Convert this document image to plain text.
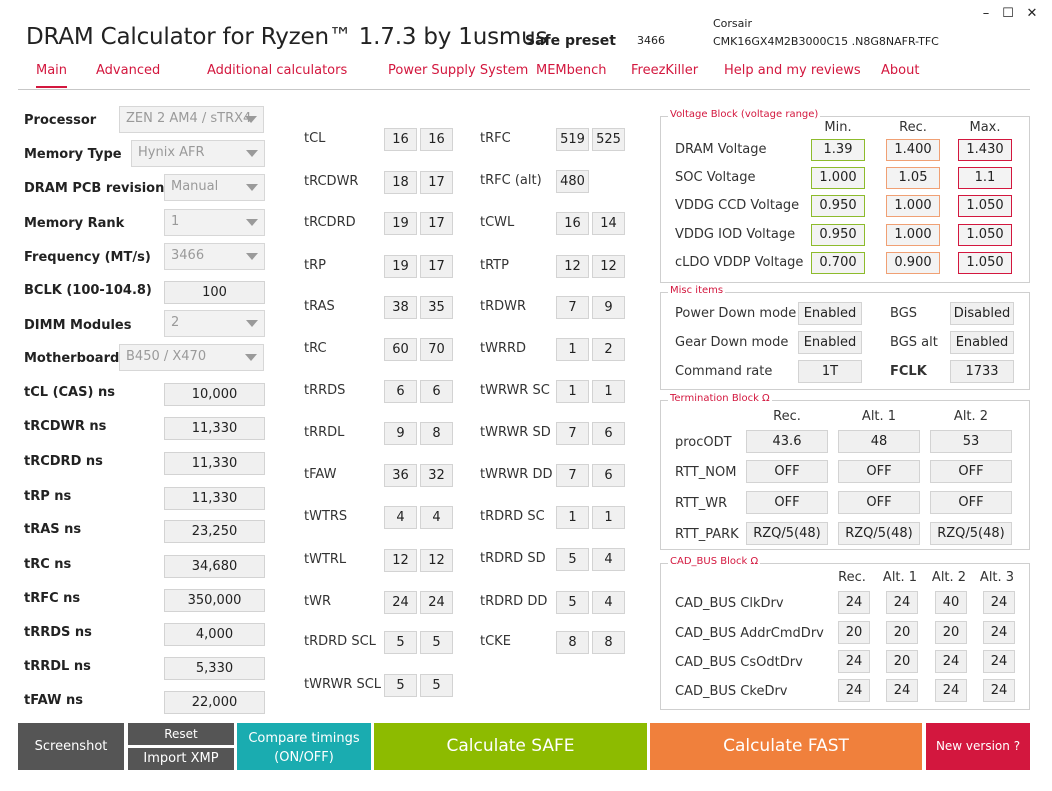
DRAM Calculator for Ryzen™ 1.7.3 by 1usmus
Safe preset 3466
Corsair
CMK16GX4M2B3000C15 .N8G8NAFR-TFC
– ☐ ✕
Main Advanced	Additional calculators	Power Supply System MEMbench FreezKiller Help and my reviews About
Processor	ZEN 2 AM4 / sTRX4
Memory Type	Hynix AFR
DRAM PCB revision Manual
Memory Rank	1
Frequency (MT/s)	3466
BCLK (100-104.8)	100
DIMM Modules	2
Motherboard B450 / X470
tCL (CAS) ns	10,000
tRCDWR ns	11,330
tRCDRD ns	11,330
tRP ns	11,330
tRAS ns	23,250
tRC ns	34,680
tRFC ns	350,000
tRRDS ns	4,000
tRRDL ns	5,330
tFAW ns	22,000
tCL	16	16
tRCDWR	18	17
tRCDRD	19	17
tRP	19	17
tRAS	38	35
tRC	60	70
tRRDS	6	6
tRRDL	9	8
tFAW	36	32
tWTRS	4	4
tWTRL	12	12
tWR	24	24
tRDRD SCL	5	5
tWRWR SCL	5	5
tRFC	519 525
tRFC (alt)	480
tCWL	16	14
tRTP	12	12
tRDWR	7	9
tWRRD	1	2
tWRWR SC	1	1
tWRWR SD	7	6
tWRWR DD	7	6
tRDRD SC	1	1
tRDRD SD	5	4
tRDRD DD	5	4
tCKE	8	8
Voltage Block (voltage range)
Min.	Rec.	Max.
DRAM Voltage	1.39	1.400	1.430
SOC Voltage	1.000	1.05	1.1
VDDG CCD Voltage	0.950	1.000	1.050
VDDG IOD Voltage	0.950	1.000	1.050
cLDO VDDP Voltage	0.700	0.900	1.050
Misc items
Power Down mode Enabled	BGS	Disabled
Gear Down mode	Enabled	BGS alt	Enabled
Command rate	1T	FCLK	1733
Termination Block Ω
Rec.	Alt. 1	Alt. 2
procODT	43.6	48	53
RTT_NOM	OFF	OFF	OFF
RTT_WR	OFF	OFF	OFF
RTT_PARK	RZQ/5(48)	RZQ/5(48)	RZQ/5(48)
CAD_BUS Block Ω
Rec.	Alt. 1 Alt. 2 Alt. 3
CAD_BUS ClkDrv	24	24	40	24
CAD_BUS AddrCmdDrv	20	20	20	24
CAD_BUS CsOdtDrv	24	20	24	24
CAD_BUS CkeDrv	24	24	24	24
Screenshot
Reset
Import XMP
Compare timings
(ON/OFF)
Calculate SAFE	Calculate FAST	New version ?
